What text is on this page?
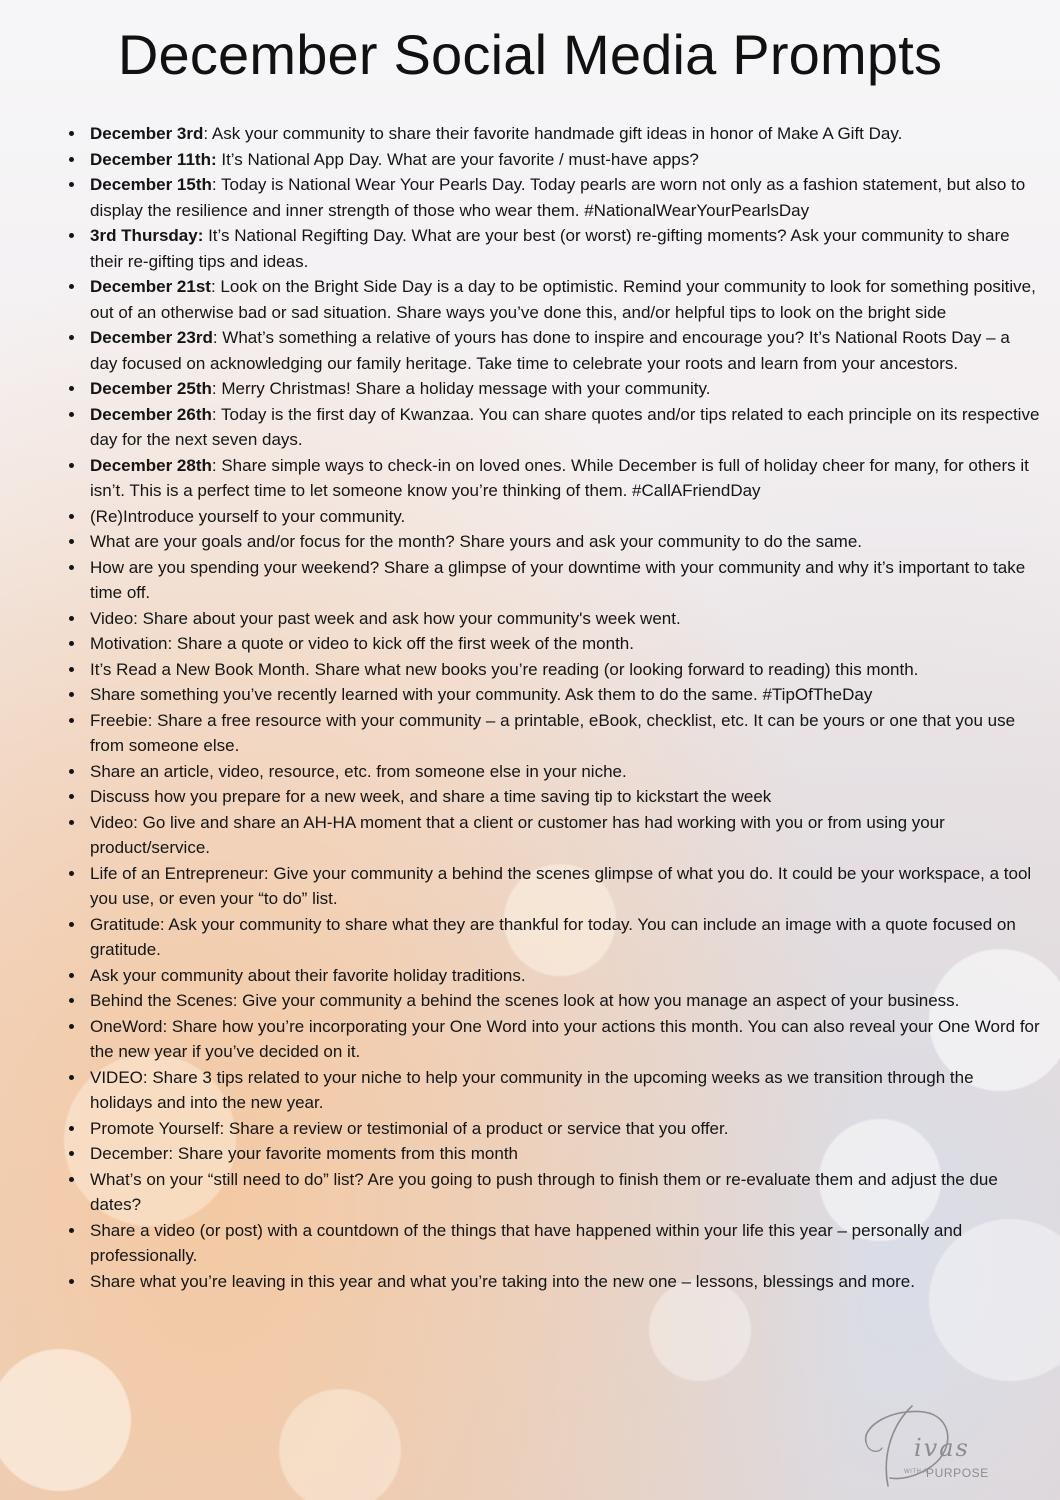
December Social Media Prompts
December 3rd: Ask your community to share their favorite handmade gift ideas in honor of Make A Gift Day.
December 11th: It’s National App Day. What are your favorite / must-have apps?
December 15th: Today is National Wear Your Pearls Day. Today pearls are worn not only as a fashion statement, but also to display the resilience and inner strength of those who wear them. #NationalWearYourPearlsDay
3rd Thursday: It’s National Regifting Day. What are your best (or worst) re-gifting moments? Ask your community to share their re-gifting tips and ideas.
December 21st: Look on the Bright Side Day is a day to be optimistic. Remind your community to look for something positive, out of an otherwise bad or sad situation. Share ways you’ve done this, and/or helpful tips to look on the bright side
December 23rd: What’s something a relative of yours has done to inspire and encourage you? It’s National Roots Day – a day focused on acknowledging our family heritage. Take time to celebrate your roots and learn from your ancestors.
December 25th: Merry Christmas! Share a holiday message with your community.
December 26th: Today is the first day of Kwanzaa. You can share quotes and/or tips related to each principle on its respective day for the next seven days.
December 28th: Share simple ways to check-in on loved ones. While December is full of holiday cheer for many, for others it isn’t. This is a perfect time to let someone know you’re thinking of them. #CallAFriendDay
(Re)Introduce yourself to your community.
What are your goals and/or focus for the month? Share yours and ask your community to do the same.
How are you spending your weekend? Share a glimpse of your downtime with your community and why it’s important to take time off.
Video: Share about your past week and ask how your community's week went.
Motivation: Share a quote or video to kick off the first week of the month.
It’s Read a New Book Month. Share what new books you’re reading (or looking forward to reading) this month.
Share something you’ve recently learned with your community. Ask them to do the same. #TipOfTheDay
Freebie: Share a free resource with your community – a printable, eBook, checklist, etc. It can be yours or one that you use from someone else.
Share an article, video, resource, etc. from someone else in your niche.
Discuss how you prepare for a new week, and share a time saving tip to kickstart the week
Video: Go live and share an AH-HA moment that a client or customer has had working with you or from using your product/service.
Life of an Entrepreneur: Give your community a behind the scenes glimpse of what you do. It could be your workspace, a tool you use, or even your “to do” list.
Gratitude: Ask your community to share what they are thankful for today. You can include an image with a quote focused on gratitude.
Ask your community about their favorite holiday traditions.
Behind the Scenes: Give your community a behind the scenes look at how you manage an aspect of your business.
OneWord: Share how you’re incorporating your One Word into your actions this month. You can also reveal your One Word for the new year if you’ve decided on it.
VIDEO: Share 3 tips related to your niche to help your community in the upcoming weeks as we transition through the holidays and into the new year.
Promote Yourself: Share a review or testimonial of a product or service that you offer.
December: Share your favorite moments from this month
What’s on your “still need to do” list? Are you going to push through to finish them or re-evaluate them and adjust the due dates?
Share a video (or post) with a countdown of the things that have happened within your life this year – personally and professionally.
Share what you’re leaving in this year and what you’re taking into the new one – lessons, blessings and more.
ivas
WITH A
PURPOSE
